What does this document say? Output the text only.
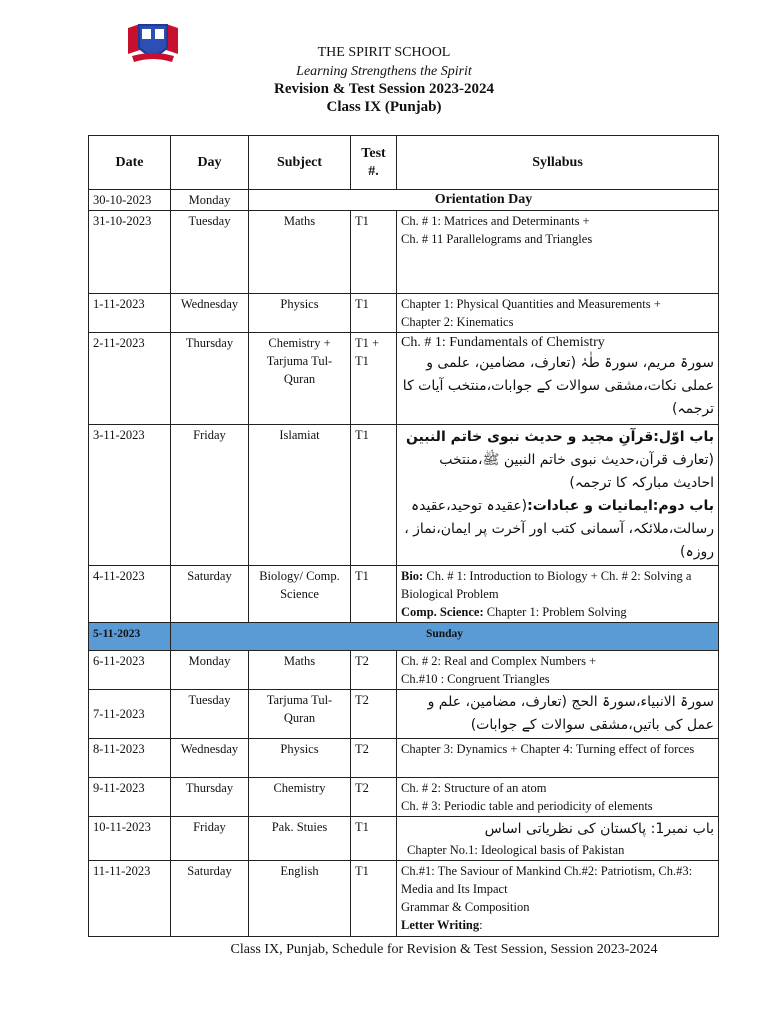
THE SPIRIT SCHOOL
Learning Strengthens the Spirit
Revision & Test Session 2023-2024
Class IX (Punjab)
Date	Day	Subject	Test #.	Syllabus
30-10-2023	Monday	Orientation Day		
31-10-2023	Tuesday	Maths	T1	Ch. # 1: Matrices and Determinants +
Ch. # 11 Parallelograms and Triangles

1-11-2023	Wednesday	Physics	T1	Chapter 1: Physical Quantities and Measurements +
Chapter 2: Kinematics

2-11-2023	Thursday	Chemistry + Tarjuma Tul-Quran	T1 + T1	Ch. # 1: Fundamentals of Chemistry
سورۃ مریم، سورۃ طٰہٰ (تعارف، مضامین، علمی و عملی نکات،مشقی سوالات کے جوابات،منتخب آیات کا ترجمہ)

3-11-2023	Friday	Islamiat	T1	باب اوّل:قرآنِ مجید و حدیث نبوی خاتم النبین
(تعارف قرآن،حدیث نبوی خاتم النبین ﷺ،منتخب احادیث مبارکہ کا ترجمہ)
باب دوم:ایمانیات و عبادات:(عقیدہ توحید،عقیدہ رسالت،ملائکہ، آسمانی کتب اور آخرت پر ایمان،نماز ، روزہ)

4-11-2023	Saturday	Biology/ Comp. Science	T1	Bio: Ch. # 1: Introduction to Biology + Ch. # 2: Solving a Biological Problem
Comp. Science: Chapter 1: Problem Solving

5-11-2023	Sunday			
6-11-2023	Monday	Maths	T2	Ch. # 2: Real and Complex Numbers +
Ch.#10 : Congruent Triangles

7-11-2023	Tuesday	Tarjuma Tul-Quran	T2	سورۃ الانبیاء،سورۃ الحج (تعارف، مضامین، علم و عمل کی باتیں،مشقی سوالات کے جوابات)

8-11-2023	Wednesday	Physics	T2	Chapter 3: Dynamics + Chapter 4: Turning effect of forces
9-11-2023	Thursday	Chemistry	T2	Ch. # 2: Structure of an atom
Ch. # 3: Periodic table and periodicity of elements

10-11-2023	Friday	Pak. Stuies	T1	باب نمبر1: پاکستان کی نظریاتی اساس
Chapter No.1: Ideological basis of Pakistan

11-11-2023	Saturday	English	T1	Ch.#1: The Saviour of Mankind Ch.#2: Patriotism, Ch.#3: Media and Its Impact
Grammar & Composition
Letter Writing:
Class IX, Punjab, Schedule for Revision & Test Session, Session 2023-2024
